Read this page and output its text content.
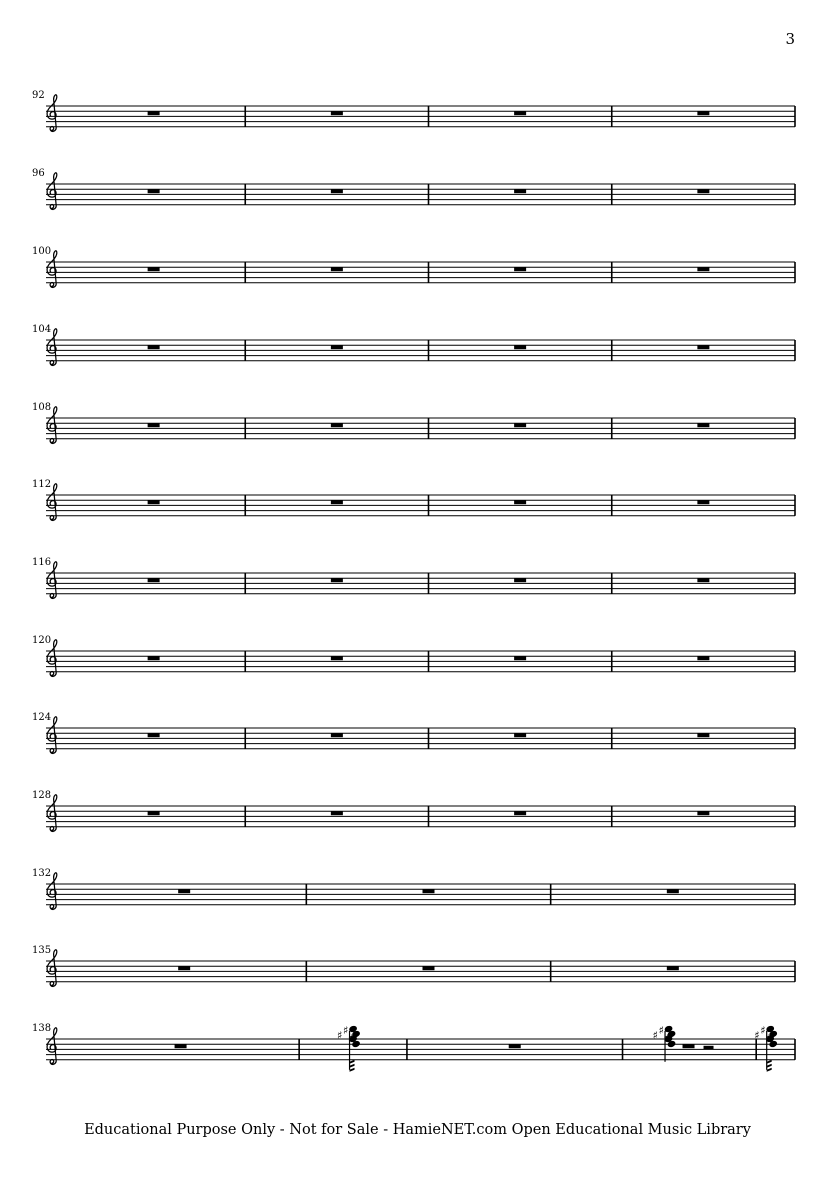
3
92
96
100
104
108
112
116
120
124
128
132
135
138
♯ ♯
♯	♯ ♯
♯	♯ ♯
♯
Educational Purpose Only - Not for Sale - HamieNET.com Open Educational Music Library
